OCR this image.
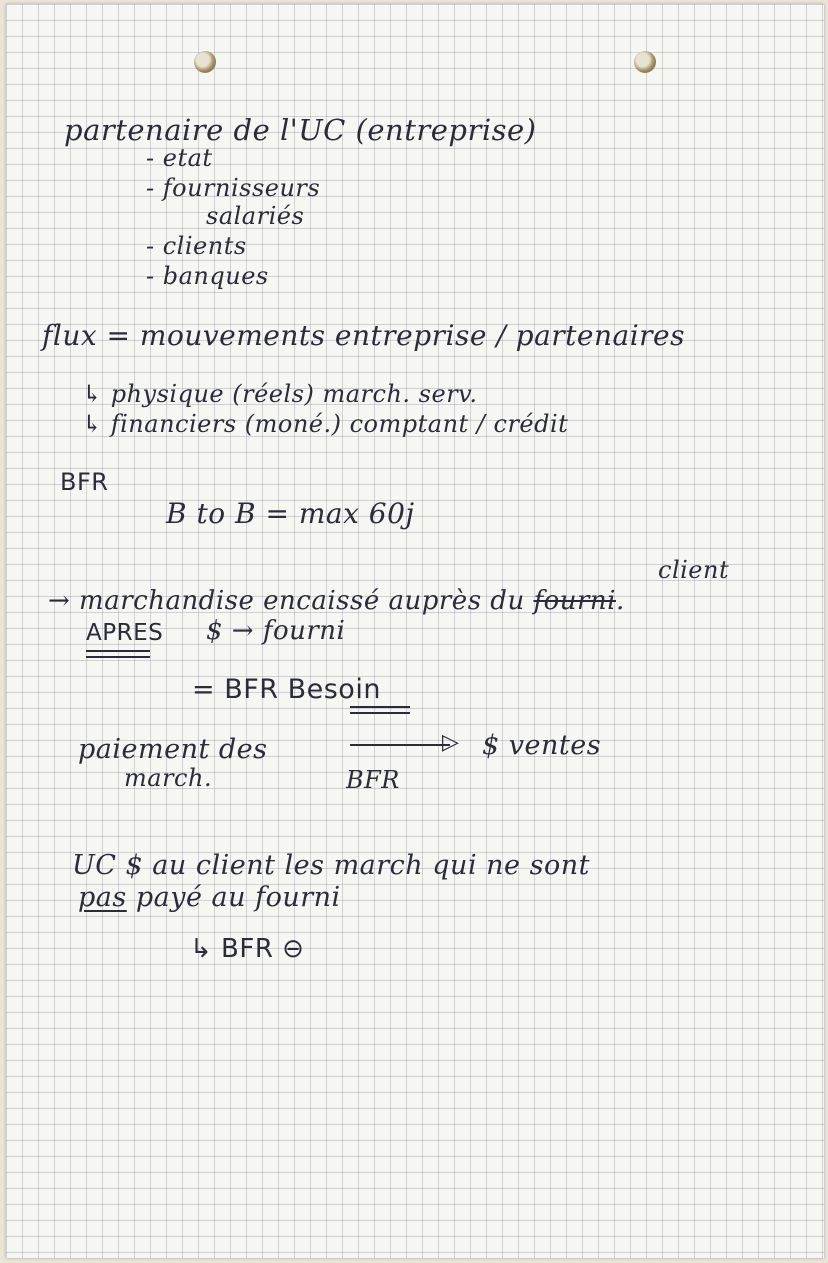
partenaire de l'UC (entreprise)
- etat
- fournisseurs
salariés
- clients
- banques
flux = mouvements entreprise / partenaires
↳ physique (réels) march. serv.
↳ financiers (moné.) comptant / crédit
BFR
B to B = max 60j
client
→ marchandise encaissé auprès du fourni.
APRES $ → fourni
= BFR Besoin
paiement des
march.
▷ $ ventes
BFR
UC $ au client les march qui ne sont
pas payé au fourni
↳ BFR ⊖
